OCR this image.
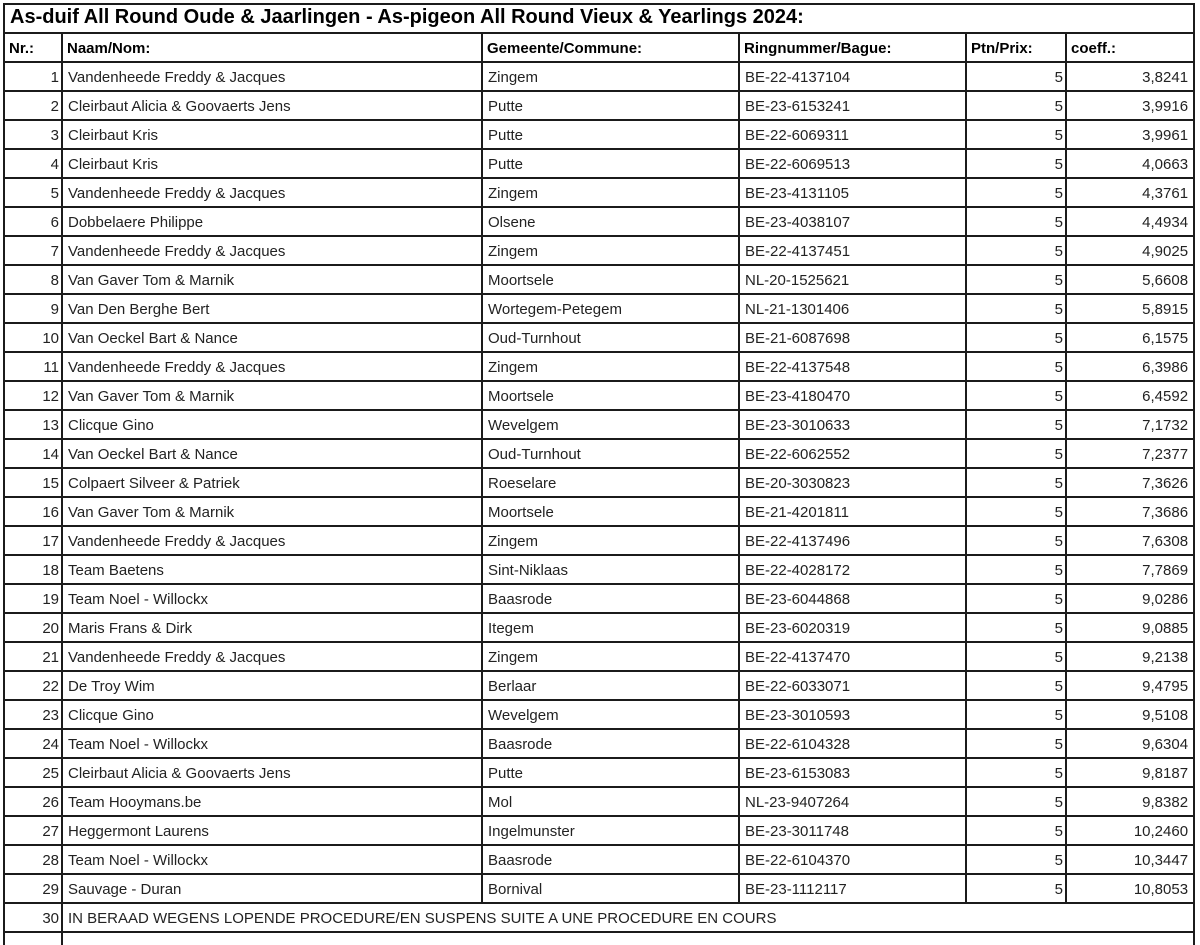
As-duif All Round Oude & Jaarlingen - As-pigeon All Round Vieux & Yearlings 2024:					
Nr.:	Naam/Nom:	Gemeente/Commune:	Ringnummer/Bague:	Ptn/Prix:	coeff.:
1	Vandenheede Freddy & Jacques	Zingem	BE-22-4137104	5	3,8241
2	Cleirbaut Alicia & Goovaerts Jens	Putte	BE-23-6153241	5	3,9916
3	Cleirbaut Kris	Putte	BE-22-6069311	5	3,9961
4	Cleirbaut Kris	Putte	BE-22-6069513	5	4,0663
5	Vandenheede Freddy & Jacques	Zingem	BE-23-4131105	5	4,3761
6	Dobbelaere Philippe	Olsene	BE-23-4038107	5	4,4934
7	Vandenheede Freddy & Jacques	Zingem	BE-22-4137451	5	4,9025
8	Van Gaver Tom & Marnik	Moortsele	NL-20-1525621	5	5,6608
9	Van Den Berghe Bert	Wortegem-Petegem	NL-21-1301406	5	5,8915
10	Van Oeckel Bart & Nance	Oud-Turnhout	BE-21-6087698	5	6,1575
11	Vandenheede Freddy & Jacques	Zingem	BE-22-4137548	5	6,3986
12	Van Gaver Tom & Marnik	Moortsele	BE-23-4180470	5	6,4592
13	Clicque Gino	Wevelgem	BE-23-3010633	5	7,1732
14	Van Oeckel Bart & Nance	Oud-Turnhout	BE-22-6062552	5	7,2377
15	Colpaert Silveer & Patriek	Roeselare	BE-20-3030823	5	7,3626
16	Van Gaver Tom & Marnik	Moortsele	BE-21-4201811	5	7,3686
17	Vandenheede Freddy & Jacques	Zingem	BE-22-4137496	5	7,6308
18	Team Baetens	Sint-Niklaas	BE-22-4028172	5	7,7869
19	Team Noel - Willockx	Baasrode	BE-23-6044868	5	9,0286
20	Maris Frans & Dirk	Itegem	BE-23-6020319	5	9,0885
21	Vandenheede Freddy & Jacques	Zingem	BE-22-4137470	5	9,2138
22	De Troy Wim	Berlaar	BE-22-6033071	5	9,4795
23	Clicque Gino	Wevelgem	BE-23-3010593	5	9,5108
24	Team Noel - Willockx	Baasrode	BE-22-6104328	5	9,6304
25	Cleirbaut Alicia & Goovaerts Jens	Putte	BE-23-6153083	5	9,8187
26	Team Hooymans.be	Mol	NL-23-9407264	5	9,8382
27	Heggermont Laurens	Ingelmunster	BE-23-3011748	5	10,2460
28	Team Noel - Willockx	Baasrode	BE-22-6104370	5	10,3447
29	Sauvage - Duran	Bornival	BE-23-1112117	5	10,8053
30	IN BERAAD WEGENS LOPENDE PROCEDURE/EN SUSPENS SUITE A UNE PROCEDURE EN COURS				
